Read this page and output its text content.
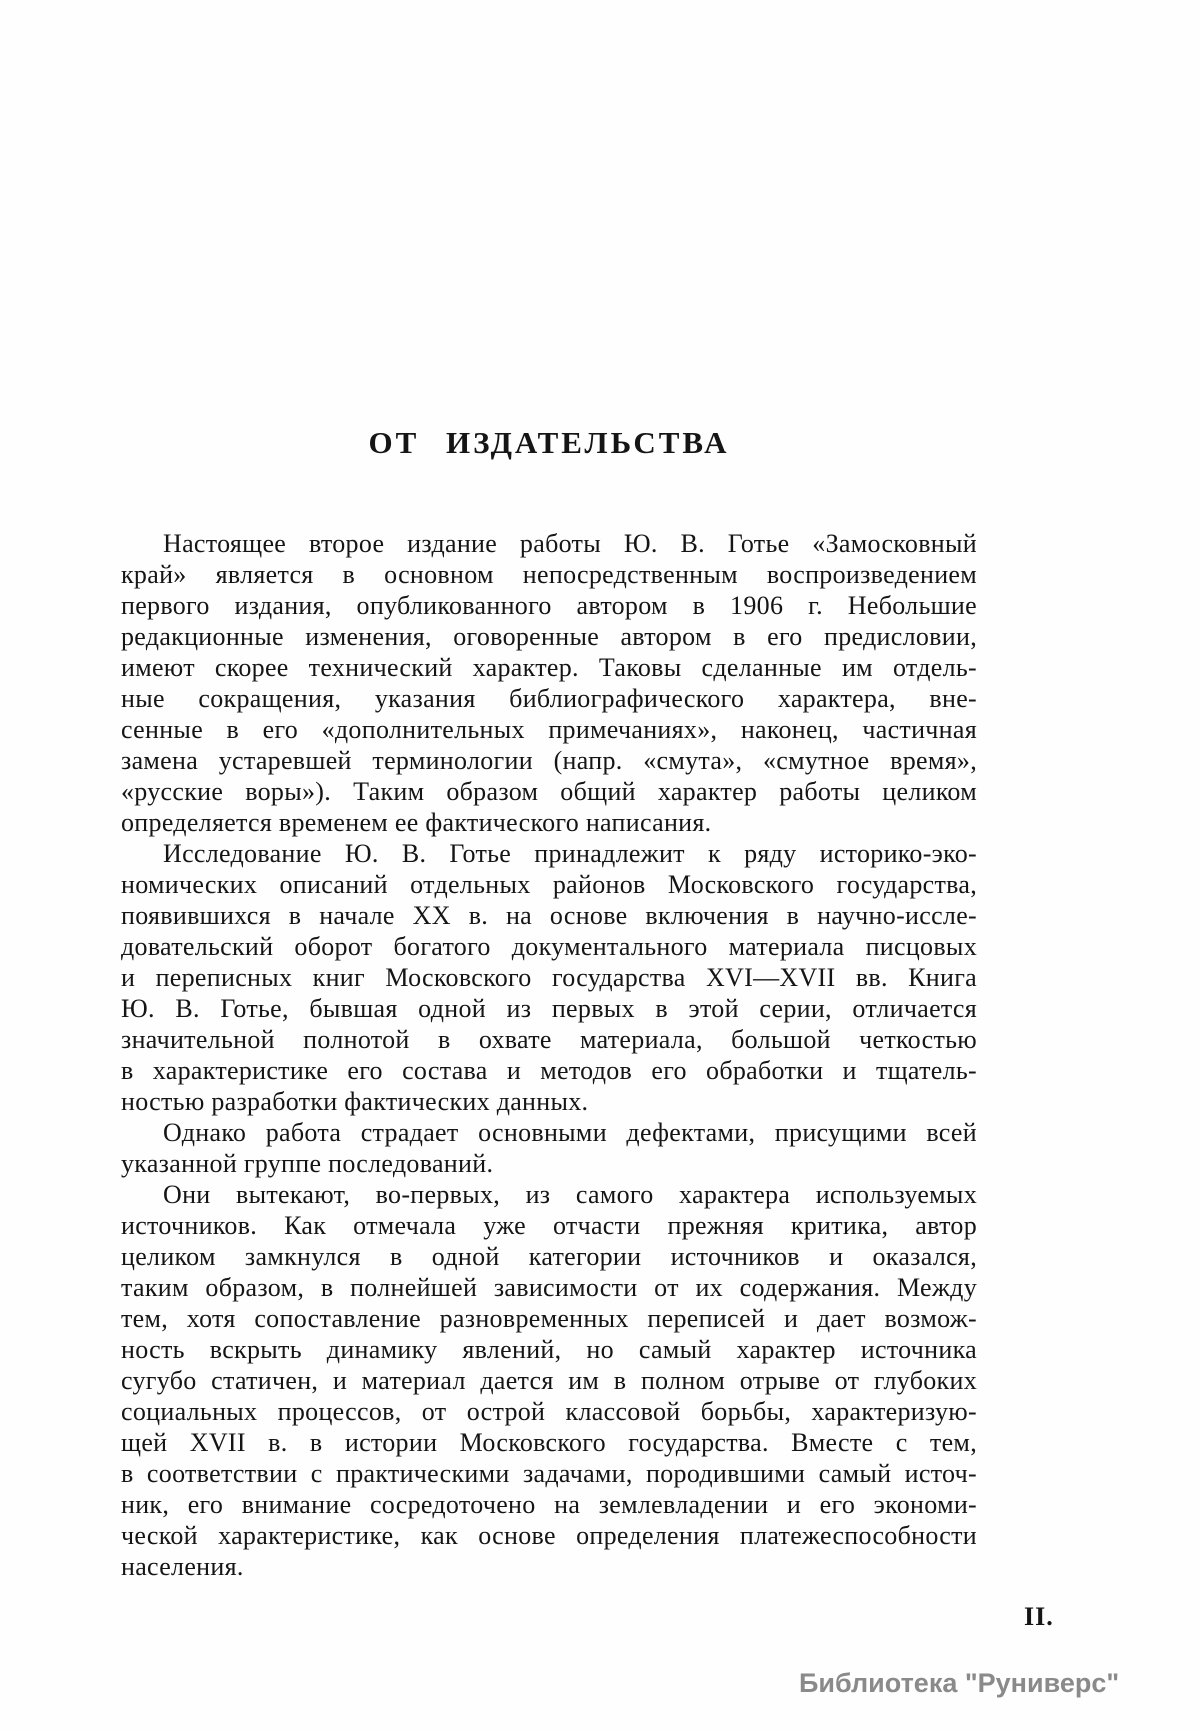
ОТ ИЗДАТЕЛЬСТВА
Настоящее второе издание работы Ю. В. Готье «Замосковный
край» является в основном непосредственным воспроизведением
первого издания, опубликованного автором в 1906 г. Небольшие
редакционные изменения, оговоренные автором в его предисловии,
имеют скорее технический характер. Таковы сделанные им отдель-
ные сокращения, указания библиографического характера, вне-
сенные в его «дополнительных примечаниях», наконец, частичная
замена устаревшей терминологии (напр. «смута», «смутное время»,
«русские воры»). Таким образом общий характер работы целиком
определяется временем ее фактического написания.
Исследование Ю. В. Готье принадлежит к ряду историко-эко-
номических описаний отдельных районов Московского государства,
появившихся в начале XX в. на основе включения в научно-иссле-
довательский оборот богатого документального материала писцовых
и переписных книг Московского государства XVI—XVII вв. Книга
Ю. В. Готье, бывшая одной из первых в этой серии, отличается
значительной полнотой в охвате материала, большой четкостью
в характеристике его состава и методов его обработки и тщатель-
ностью разработки фактических данных.
Однако работа страдает основными дефектами, присущими всей
указанной группе последований.
Они вытекают, во-первых, из самого характера используемых
источников. Как отмечала уже отчасти прежняя критика, автор
целиком замкнулся в одной категории источников и оказался,
таким образом, в полнейшей зависимости от их содержания. Между
тем, хотя сопоставление разновременных переписей и дает возмож-
ность вскрыть динамику явлений, но самый характер источника
сугубо статичен, и материал дается им в полном отрыве от глубоких
социальных процессов, от острой классовой борьбы, характеризую-
щей XVII в. в истории Московского государства. Вместе с тем,
в соответствии с практическими задачами, породившими самый источ-
ник, его внимание сосредоточено на землевладении и его экономи-
ческой характеристике, как основе определения платежеспособности
населения.
II.
Библиотека "Руниверс"
